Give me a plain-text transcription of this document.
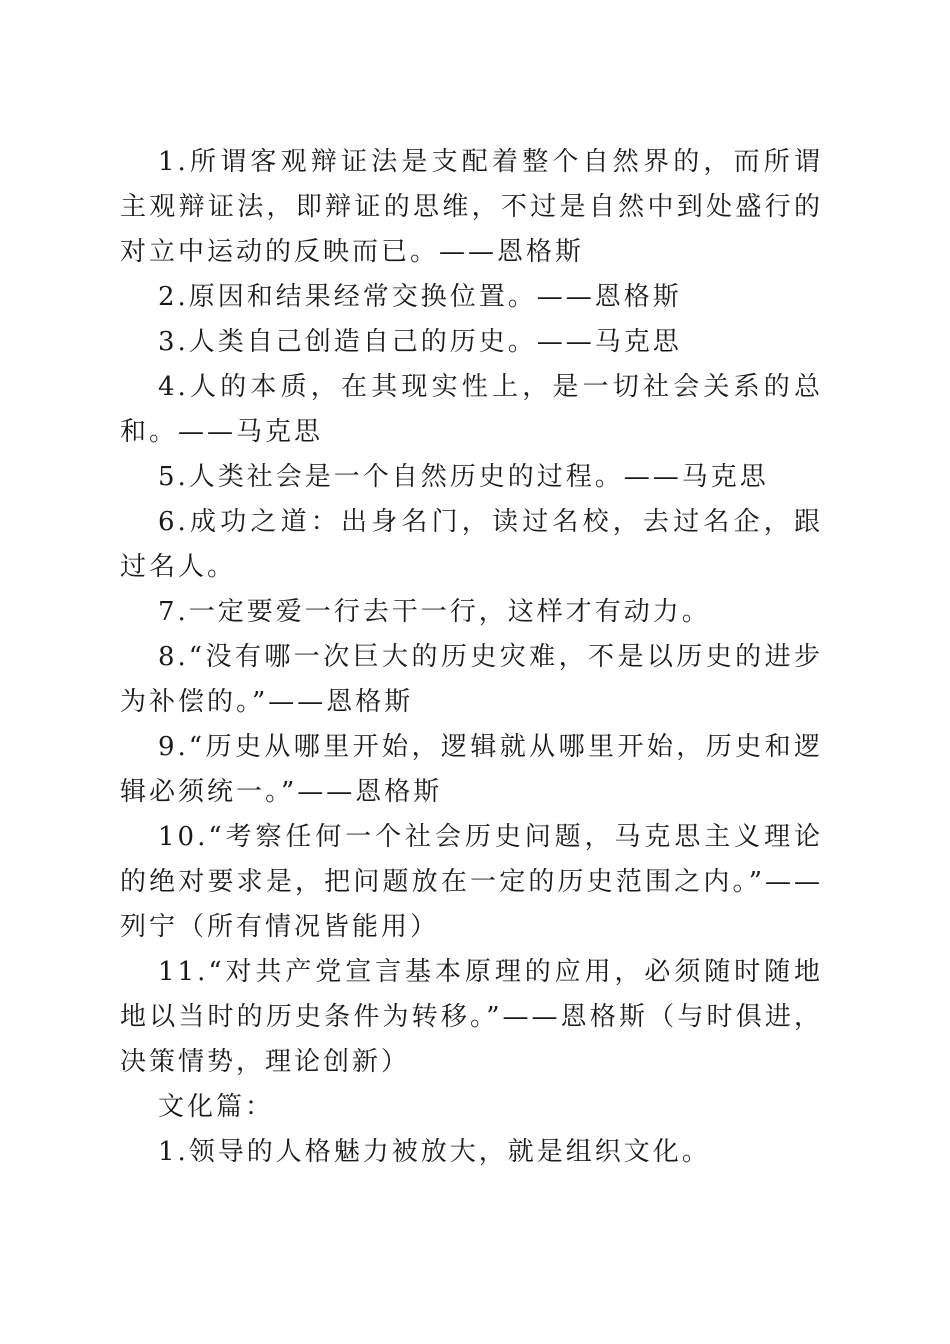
1.所谓客观辩证法是支配着整个自然界的，而所谓主观辩证法，即辩证的思维，不过是自然中到处盛行的对立中运动的反映而已。——恩格斯

2.原因和结果经常交换位置。——恩格斯

3.人类自己创造自己的历史。——马克思

4.人的本质，在其现实性上，是一切社会关系的总和。——马克思

5.人类社会是一个自然历史的过程。——马克思

6.成功之道：出身名门，读过名校，去过名企，跟过名人。

7.一定要爱一行去干一行，这样才有动力。

8.“没有哪一次巨大的历史灾难，不是以历史的进步为补偿的。”——恩格斯

9.“历史从哪里开始，逻辑就从哪里开始，历史和逻辑必须统一。”——恩格斯

10.“考察任何一个社会历史问题，马克思主义理论的绝对要求是，把问题放在一定的历史范围之内。”——列宁（所有情况皆能用）

11.“对共产党宣言基本原理的应用，必须随时随地地以当时的历史条件为转移。”——恩格斯（与时俱进，决策情势，理论创新）

文化篇：

1.领导的人格魅力被放大，就是组织文化。
